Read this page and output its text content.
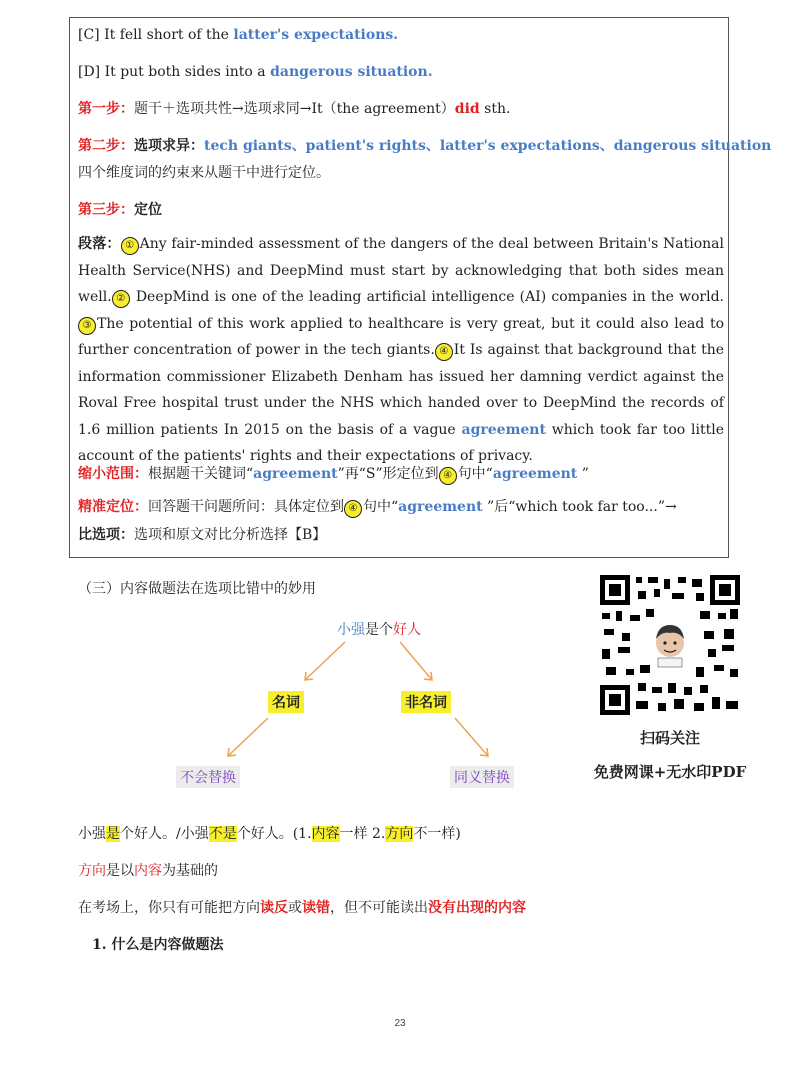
[C] It fell short of the latter's expectations.
[D] It put both sides into a dangerous situation.
第一步：题干＋选项共性→选项求同→It（the agreement）did sth.
第二步：选项求异：tech giants、patient's rights、latter's expectations、dangerous situation
四个维度词的约束来从题干中进行定位。
第三步：定位
段落： ① Any fair-minded assessment of the dangers of the deal between Britain's National Health Service(NHS) and DeepMind must start by acknowledging that both sides mean well. ② DeepMind is one of the leading artificial intelligence (AI) companies in the world. ③ The potential of this work applied to healthcare is very great, but it could also lead to further concentration of power in the tech giants. ④ It Is against that background that the information commissioner Elizabeth Denham has issued her damning verdict against the Roval Free hospital trust under the NHS which handed over to DeepMind the records of 1.6 million patients In 2015 on the basis of a vague agreement which took far too little account of the patients' rights and their expectations of privacy.
缩小范围：根据题干关键词“agreement”再“S”形定位到 ④ 句中“agreement ”
精准定位：回答题干问题所问：具体定位到 ④ 句中“agreement ”后“which took far too...”→
比选项：选项和原文对比分析选择【B】
（三）内容做题法在选项比错中的妙用
小强是个好人
名词	非名词
不会替换	同义替换
扫码关注
免费网课+无水印PDF
小强是个好人。/小强不是个好人。(1.内容一样 2.方向不一样)
方向是以内容为基础的
在考场上，你只有可能把方向读反或读错，但不可能读出没有出现的内容
1. 什么是内容做题法
23
